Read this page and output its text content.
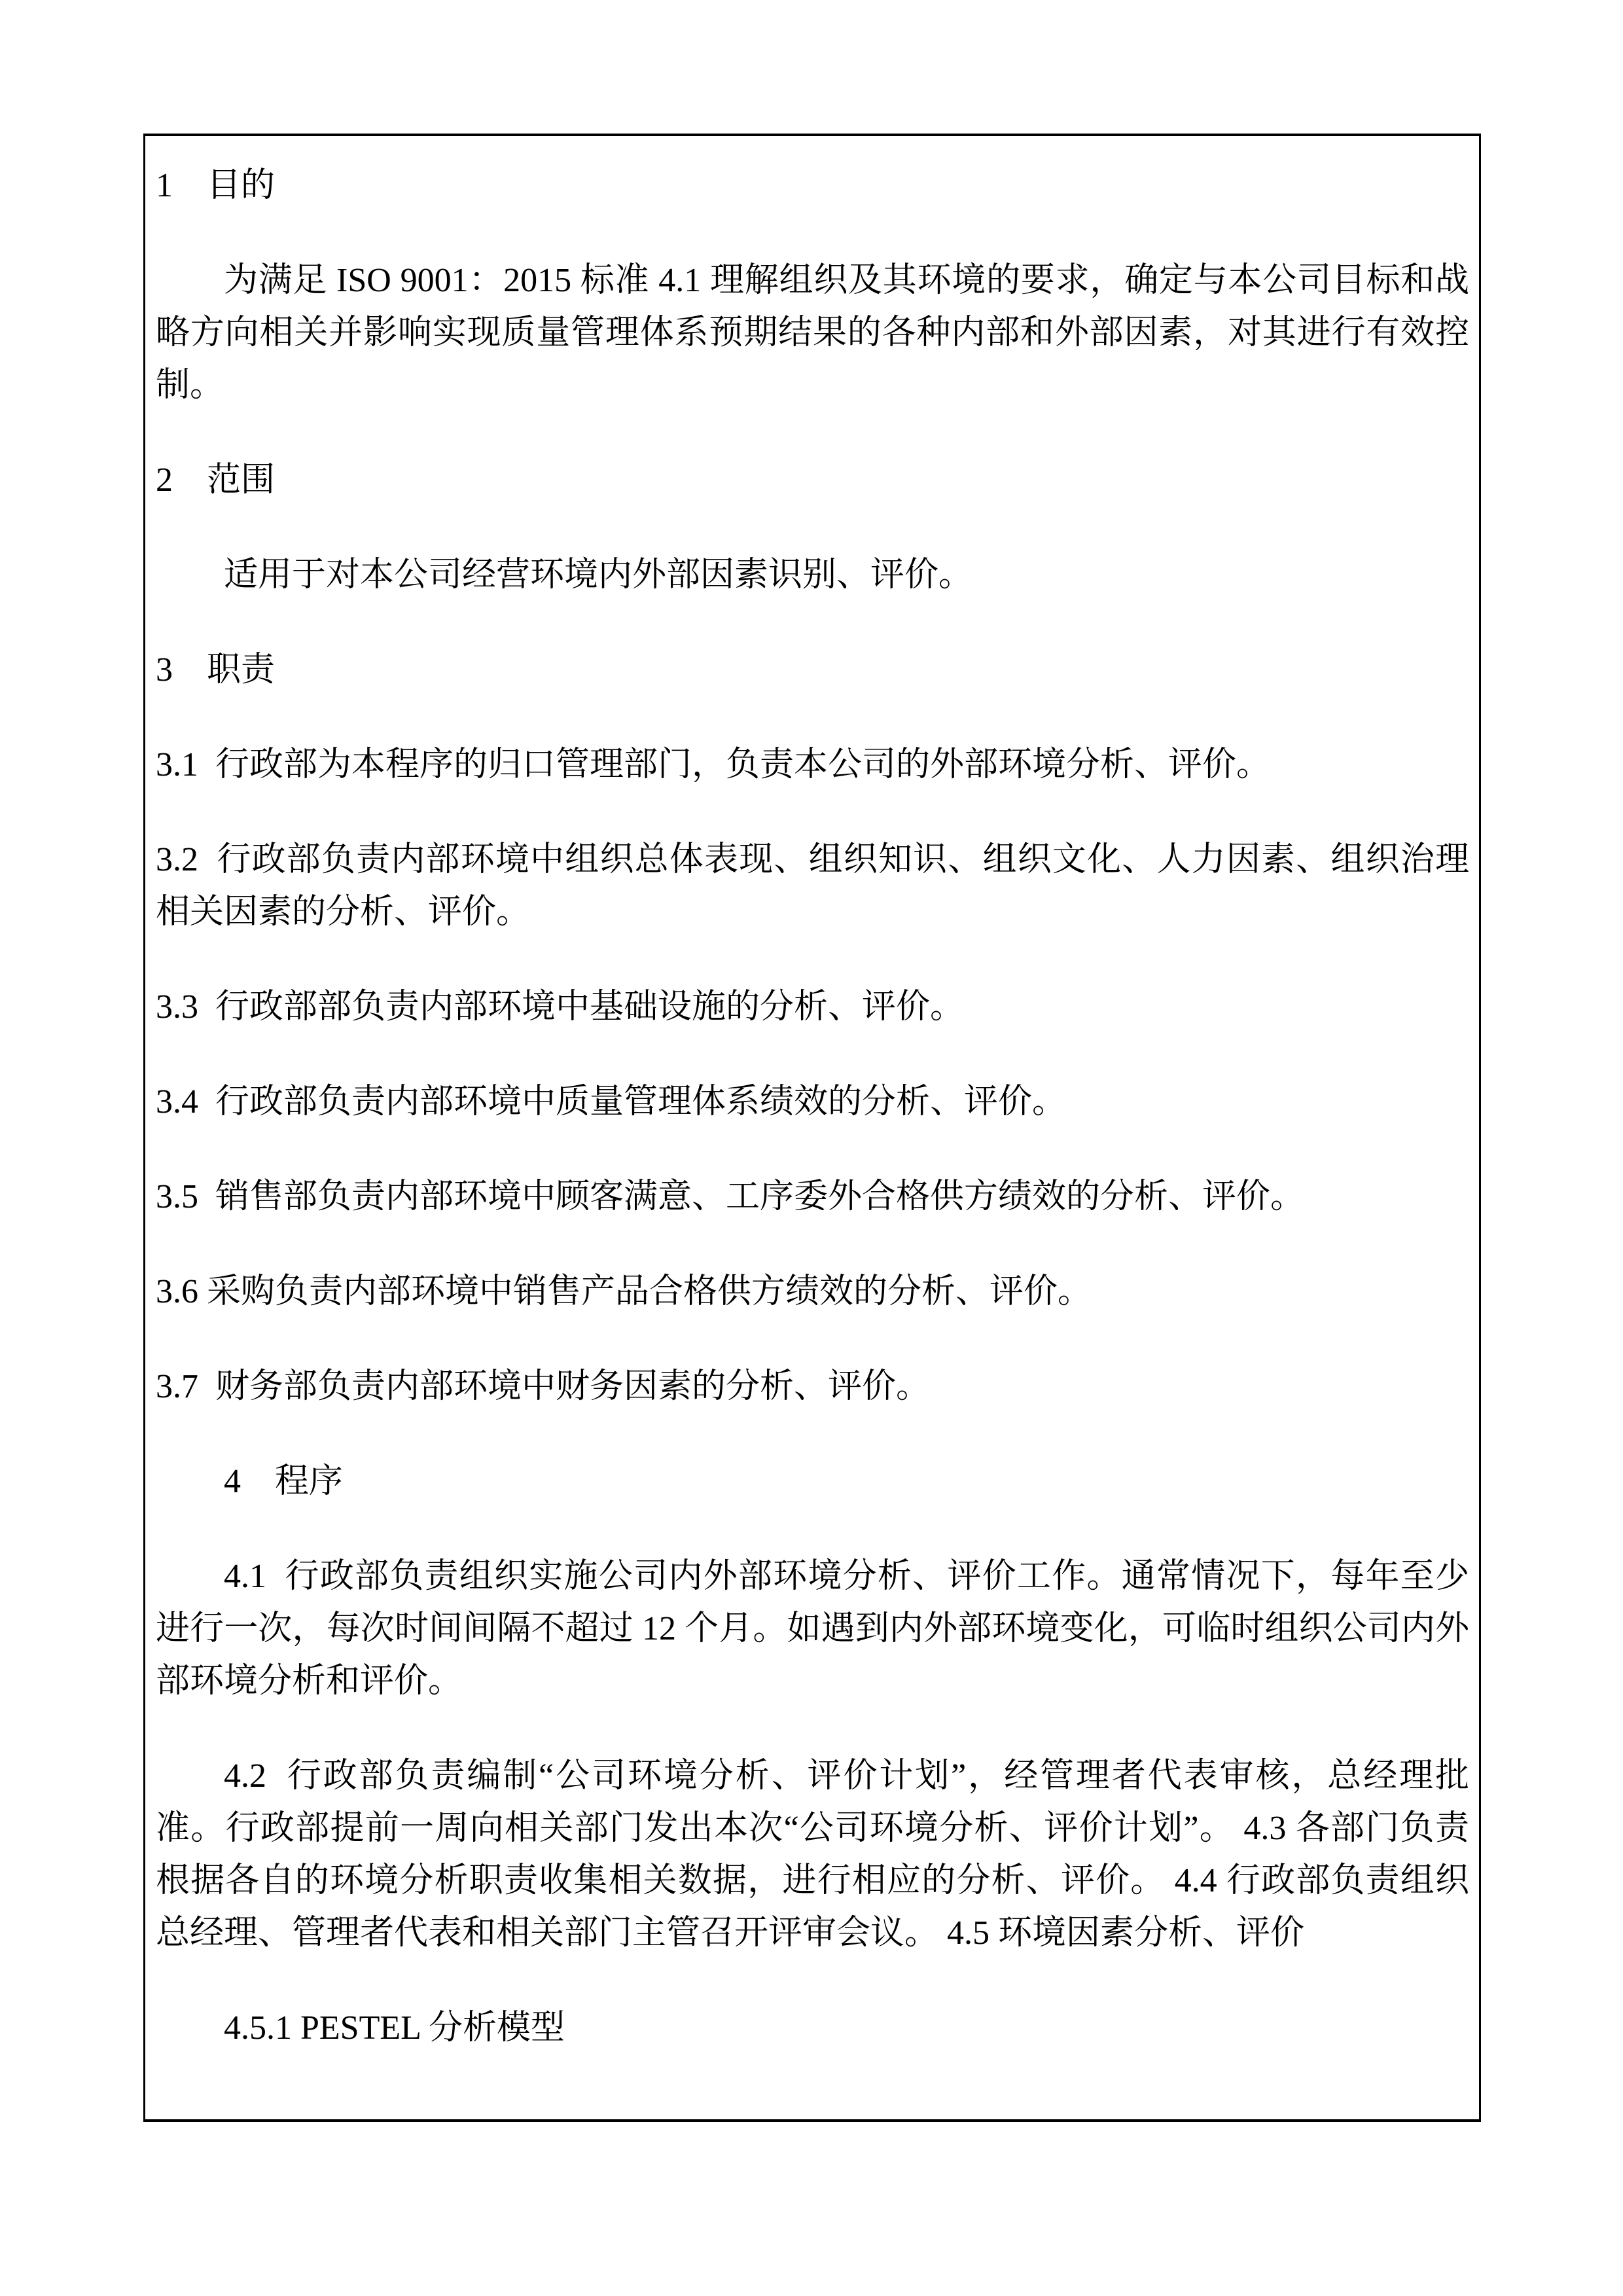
1　目的

为满足 ISO 9001：2015 标准 4.1 理解组织及其环境的要求，确定与本公司目标和战略方向相关并影响实现质量管理体系预期结果的各种内部和外部因素，对其进行有效控制。

2　范围

适用于对本公司经营环境内外部因素识别、评价。

3　职责

3.1  行政部为本程序的归口管理部门，负责本公司的外部环境分析、评价。

3.2  行政部负责内部环境中组织总体表现、组织知识、组织文化、人力因素、组织治理相关因素的分析、评价。

3.3  行政部部负责内部环境中基础设施的分析、评价。

3.4  行政部负责内部环境中质量管理体系绩效的分析、评价。

3.5  销售部负责内部环境中顾客满意、工序委外合格供方绩效的分析、评价。

3.6 采购负责内部环境中销售产品合格供方绩效的分析、评价。

3.7  财务部负责内部环境中财务因素的分析、评价。

4　程序

4.1  行政部负责组织实施公司内外部环境分析、评价工作。通常情况下，每年至少进行一次，每次时间间隔不超过 12 个月。如遇到内外部环境变化，可临时组织公司内外部环境分析和评价。

4.2  行政部负责编制“公司环境分析、评价计划”，经管理者代表审核，总经理批准。行政部提前一周向相关部门发出本次“公司环境分析、评价计划”。 4.3 各部门负责根据各自的环境分析职责收集相关数据，进行相应的分析、评价。 4.4 行政部负责组织总经理、管理者代表和相关部门主管召开评审会议。 4.5 环境因素分析、评价

4.5.1 PESTEL 分析模型
